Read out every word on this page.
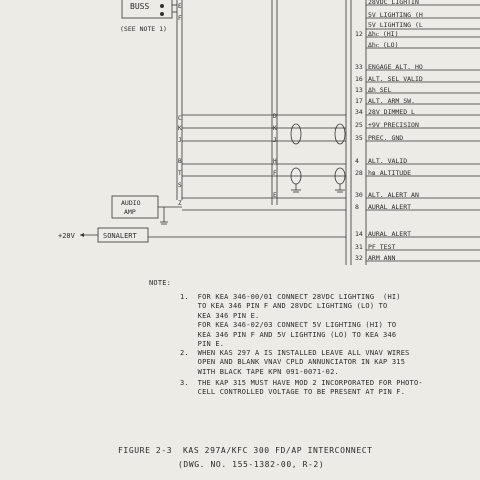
BUSS
(SEE NOTE 1)
AUDIO
AMP
SONALERT
+28V
E
F
C
K
J
B
T
S
Z
D
K
J
H
F
E
28VDC LIGHTIN
5V LIGHTING (H
5V LIGHTING (L
12 Δhᴄ (HI)
Δhᴄ (LO)
33 ENGAGE ALT. HO
16 ALT. SEL VALID
13 Δh SEL
17 ALT. ARM SW.
34 28V DIMMED L
25 +9V PRECISION
35 PREC. GND
4 ALT. VALID
28 hʙ ALTITUDE
30 ALT. ALERT AN
8 AURAL ALERT
14 AURAL ALERT
31 PF TEST
32 ARM ANN
NOTE:
1.  FOR KEA 346-00/01 CONNECT 28VDC LIGHTING  (HI)
TO KEA 346 PIN F AND 28VDC LIGHTING (LO) TO
KEA 346 PIN E.
FOR KEA 346-02/03 CONNECT 5V LIGHTING (HI) TO
KEA 346 PIN F AND 5V LIGHTING (LO) TO KEA 346
PIN E.
2.  WHEN KAS 297 A IS INSTALLED LEAVE ALL VNAV WIRES
OPEN AND BLANK VNAV CPLD ANNUNCIATOR IN KAP 315
WITH BLACK TAPE KPN 091-0071-02.
3.  THE KAP 315 MUST HAVE MOD 2 INCORPORATED FOR PHOTO-
CELL CONTROLLED VOLTAGE TO BE PRESENT AT PIN F.
FIGURE 2-3  KAS 297A/KFC 300 FD/AP INTERCONNECT
(DWG. NO. 155-1382-00, R-2)
